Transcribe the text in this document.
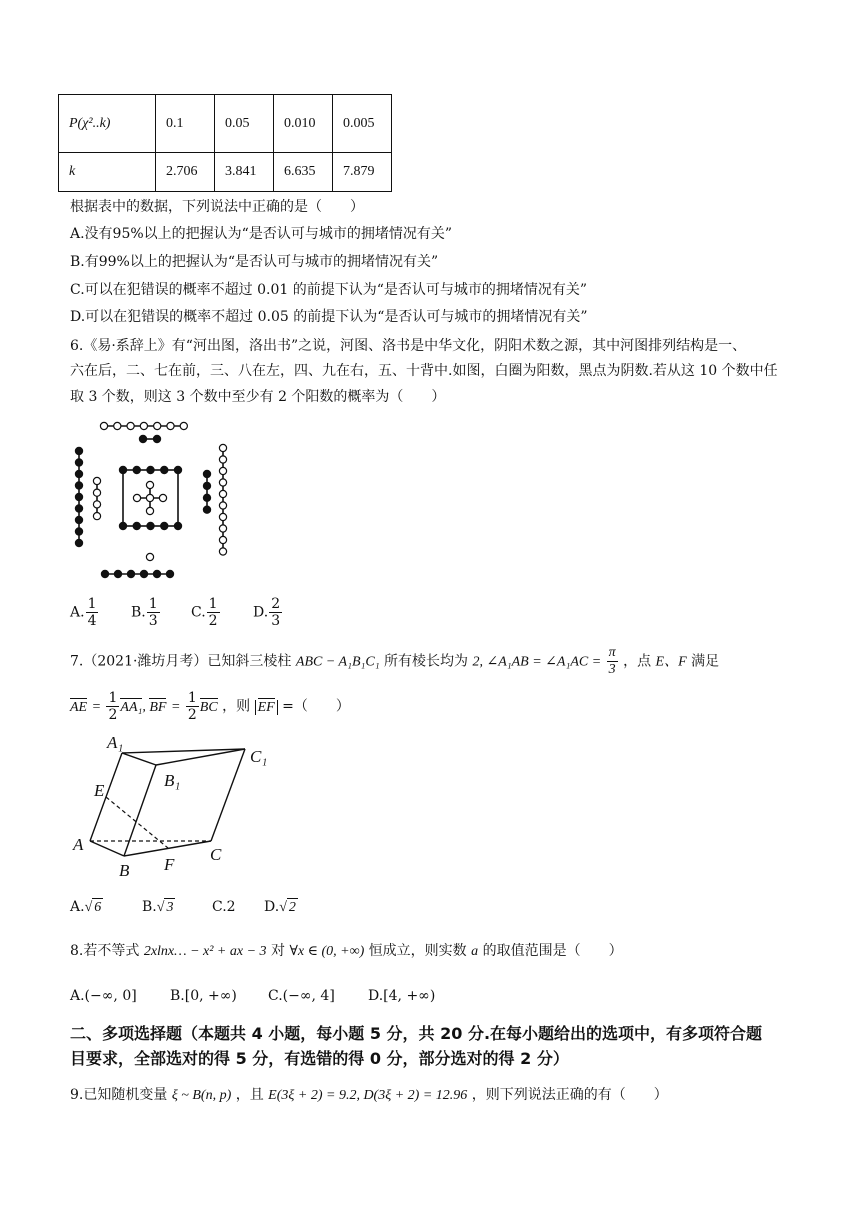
P(χ²..k)	0.1	0.05	0.010	0.005
k	2.706	3.841	6.635	7.879
根据表中的数据，下列说法中正确的是（　　）
A.没有95%以上的把握认为“是否认可与城市的拥堵情况有关”
B.有99%以上的把握认为“是否认可与城市的拥堵情况有关”
C.可以在犯错误的概率不超过 0.01 的前提下认为“是否认可与城市的拥堵情况有关”
D.可以在犯错误的概率不超过 0.05 的前提下认为“是否认可与城市的拥堵情况有关”
6.《易·系辞上》有“河出图，洛出书”之说，河图、洛书是中华文化，阴阳术数之源，其中河图排列结构是一、
六在后，二、七在前，三、八在左，四、九在右，五、十背中.如图，白圈为阳数，黑点为阴数.若从这 10 个数中任
取 3 个数，则这 3 个数中至少有 2 个阳数的概率为（　　）
A. $\frac{1}{4} B$. $\frac{1}{3} C$. $\frac{1}{2} D$. $\frac{2}{3}$
7.（2021·潍坊月考）已知斜三棱柱 ABC − A₁B₁C₁ 所有棱长均为 2, ∠A₁AB = ∠A₁AC = $\frac{\pi}{3}$ ，点 E、F 满足
AE = $\frac{1}{2} AA_1$, BF = $\frac{1}{2}$ BC ，则 EF =（　　）
A₁
B₁
C₁
E
A
B F
C
A. √ 6	B. √ 3	C.2 D. √ 2
8.若不等式 2xlnx… − x² + ax − 3 对 ∀x ∈ (0, +∞) 恒成立，则实数 a 的取值范围是（　　）
A.(−∞, 0] B.[0, +∞) C.(−∞, 4] D.[4, +∞)
二、多项选择题（本题共 4 小题，每小题 5 分，共 20 分.在每小题给出的选项中，有多项符合题
目要求，全部选对的得 5 分，有选错的得 0 分，部分选对的得 2 分）
9.已知随机变量 ξ ~ B(n, p) ，且 E(3ξ + 2) = 9.2, D(3ξ + 2) = 12.96 ，则下列说法正确的有（　　）
